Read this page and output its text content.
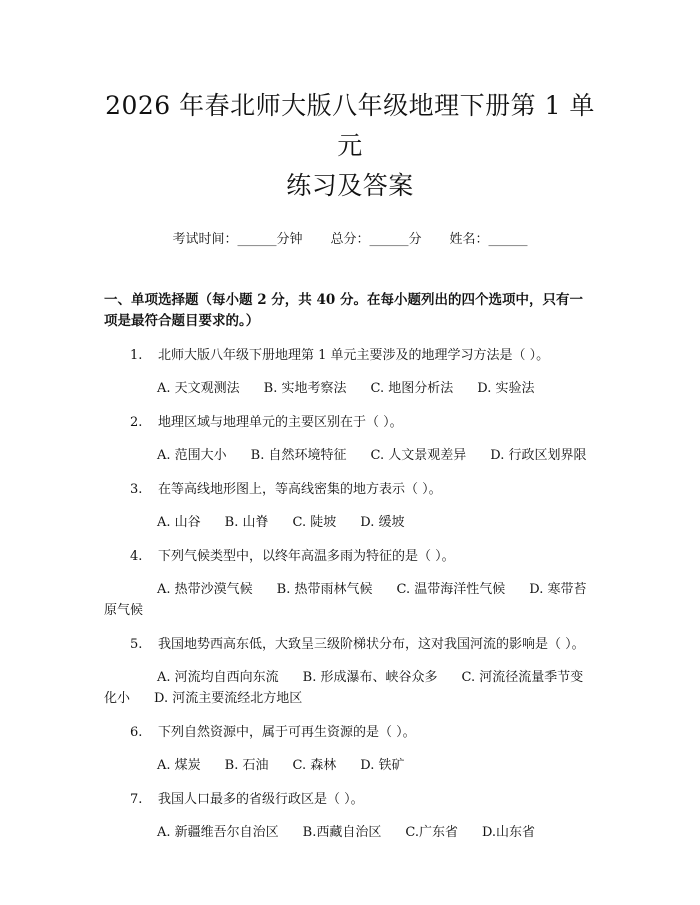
2026 年春北师大版八年级地理下册第 1 单元
练习及答案
考试时间：______分钟 总分：______分 姓名：______
一、单项选择题（每小题 2 分，共 40 分。在每小题列出的四个选项中，只有一项是最符合题目要求的。）
1. 北师大版八年级下册地理第 1 单元主要涉及的地理学习方法是（ ）。
A. 天文观测法 B. 实地考察法 C. 地图分析法 D. 实验法
2. 地理区域与地理单元的主要区别在于（ ）。
A. 范围大小 B. 自然环境特征 C. 人文景观差异 D. 行政区划界限
3. 在等高线地形图上，等高线密集的地方表示（ ）。
A. 山谷 B. 山脊 C. 陡坡 D. 缓坡
4. 下列气候类型中，以终年高温多雨为特征的是（ ）。
A. 热带沙漠气候 B. 热带雨林气候 C. 温带海洋性气候 D. 寒带苔原气候
5. 我国地势西高东低，大致呈三级阶梯状分布，这对我国河流的影响是（ ）。
A. 河流均自西向东流 B. 形成瀑布、峡谷众多 C. 河流径流量季节变化小 D. 河流主要流经北方地区
6. 下列自然资源中，属于可再生资源的是（ ）。
A. 煤炭 B. 石油 C. 森林 D. 铁矿
7. 我国人口最多的省级行政区是（ ）。
A. 新疆维吾尔自治区 B.西藏自治区 C.广东省 D.山东省
